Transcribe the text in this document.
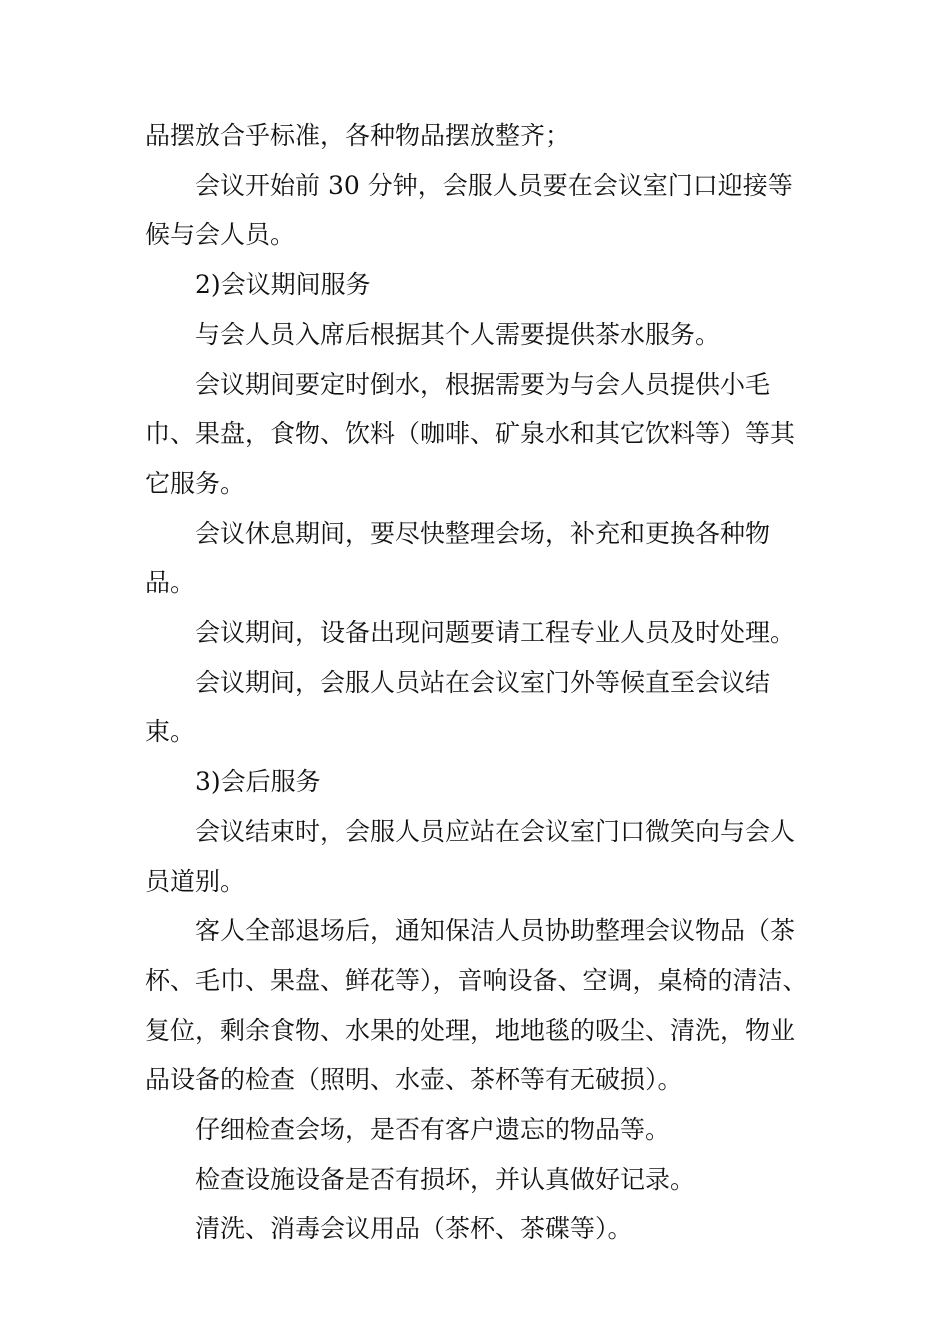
品摆放合乎标准，各种物品摆放整齐；

会议开始前 30 分钟，会服人员要在会议室门口迎接等候与会人员。

2)会议期间服务

与会人员入席后根据其个人需要提供茶水服务。

会议期间要定时倒水，根据需要为与会人员提供小毛巾、果盘，食物、饮料（咖啡、矿泉水和其它饮料等）等其它服务。

会议休息期间，要尽快整理会场，补充和更换各种物品。

会议期间，设备出现问题要请工程专业人员及时处理。

会议期间，会服人员站在会议室门外等候直至会议结束。

3)会后服务

会议结束时，会服人员应站在会议室门口微笑向与会人员道别。

客人全部退场后，通知保洁人员协助整理会议物品（茶杯、毛巾、果盘、鲜花等），音响设备、空调，桌椅的清洁、复位，剩余食物、水果的处理，地地毯的吸尘、清洗，物业品设备的检查（照明、水壶、茶杯等有无破损）。

仔细检查会场，是否有客户遗忘的物品等。

检查设施设备是否有损坏，并认真做好记录。

清洗、消毒会议用品（茶杯、茶碟等）。
